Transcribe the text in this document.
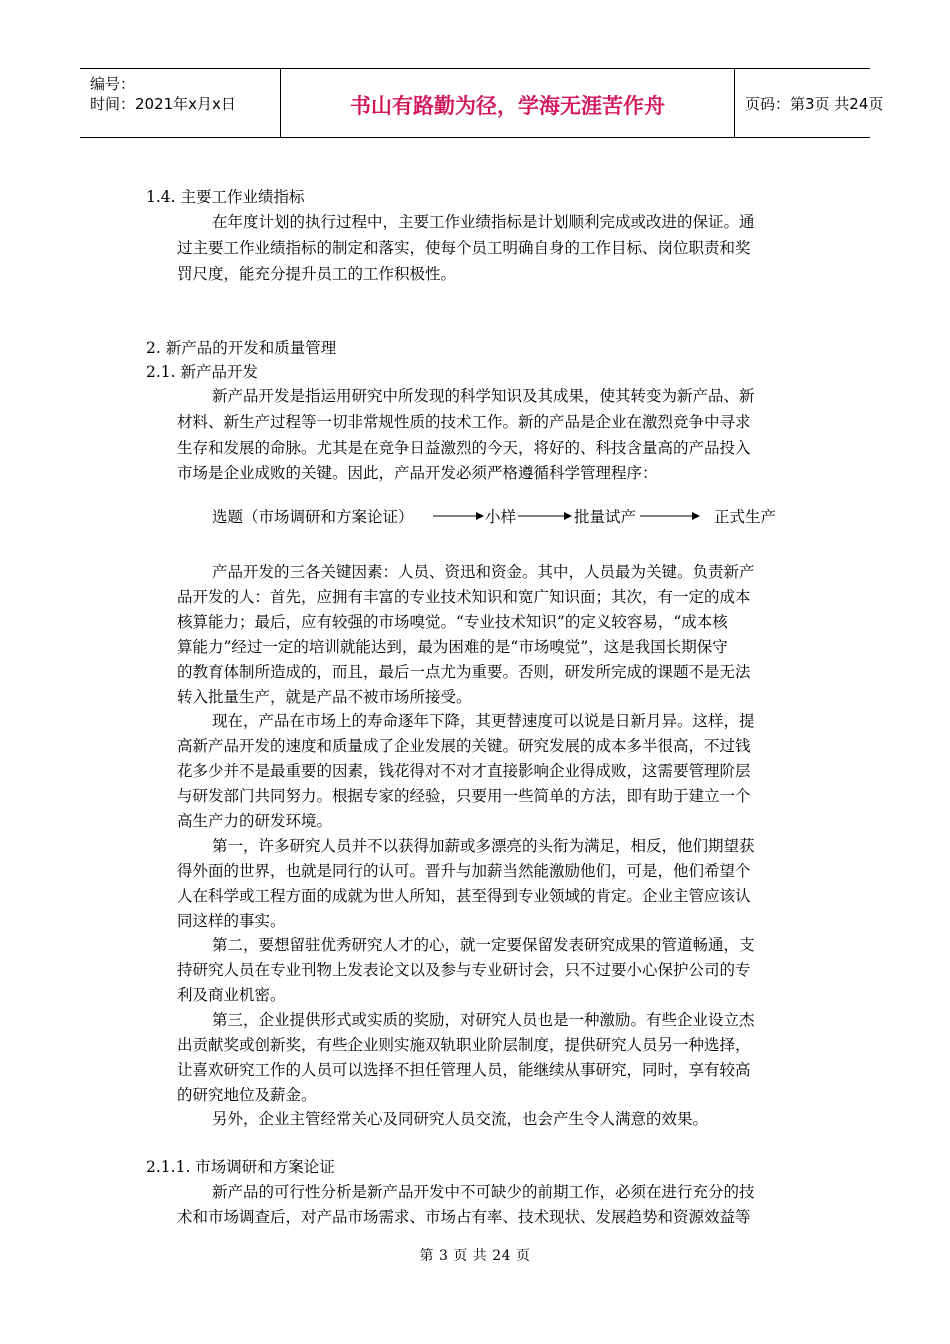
编号：
时间：2021年x月x日	书山有路勤为径，学海无涯苦作舟	页码：第3页 共24页
1.4. 主要工作业绩指标
在年度计划的执行过程中，主要工作业绩指标是计划顺利完成或改进的保证。通
过主要工作业绩指标的制定和落实，使每个员工明确自身的工作目标、岗位职责和奖
罚尺度，能充分提升员工的工作积极性。
2. 新产品的开发和质量管理
2.1. 新产品开发
新产品开发是指运用研究中所发现的科学知识及其成果，使其转变为新产品、新
材料、新生产过程等一切非常规性质的技术工作。新的产品是企业在激烈竞争中寻求
生存和发展的命脉。尤其是在竞争日益激烈的今天，将好的、科技含量高的产品投入
市场是企业成败的关键。因此，产品开发必须严格遵循科学管理程序：
选题（市场调研和方案论证）	小样	批量试产	正式生产
产品开发的三各关键因素：人员、资迅和资金。其中，人员最为关键。负责新产
品开发的人：首先，应拥有丰富的专业技术知识和宽广知识面；其次，有一定的成本
核算能力；最后，应有较强的市场嗅觉。“专业技术知识”的定义较容易，“成本核
算能力”经过一定的培训就能达到，最为困难的是“市场嗅觉”，这是我国长期保守
的教育体制所造成的，而且，最后一点尤为重要。否则，研发所完成的课题不是无法
转入批量生产，就是产品不被市场所接受。
现在，产品在市场上的寿命逐年下降，其更替速度可以说是日新月异。这样，提
高新产品开发的速度和质量成了企业发展的关键。研究发展的成本多半很高，不过钱
花多少并不是最重要的因素，钱花得对不对才直接影响企业得成败，这需要管理阶层
与研发部门共同努力。根据专家的经验，只要用一些简单的方法，即有助于建立一个
高生产力的研发环境。
第一，许多研究人员并不以获得加薪或多漂亮的头衔为满足，相反，他们期望获
得外面的世界，也就是同行的认可。晋升与加薪当然能激励他们，可是，他们希望个
人在科学或工程方面的成就为世人所知，甚至得到专业领域的肯定。企业主管应该认
同这样的事实。
第二，要想留驻优秀研究人才的心，就一定要保留发表研究成果的管道畅通，支
持研究人员在专业刊物上发表论文以及参与专业研讨会，只不过要小心保护公司的专
利及商业机密。
第三，企业提供形式或实质的奖励，对研究人员也是一种激励。有些企业设立杰
出贡献奖或创新奖，有些企业则实施双轨职业阶层制度，提供研究人员另一种选择，
让喜欢研究工作的人员可以选择不担任管理人员，能继续从事研究，同时，享有较高
的研究地位及薪金。
另外，企业主管经常关心及同研究人员交流，也会产生令人满意的效果。
2.1.1. 市场调研和方案论证
新产品的可行性分析是新产品开发中不可缺少的前期工作，必须在进行充分的技
术和市场调查后，对产品市场需求、市场占有率、技术现状、发展趋势和资源效益等
第 3 页 共 24 页
